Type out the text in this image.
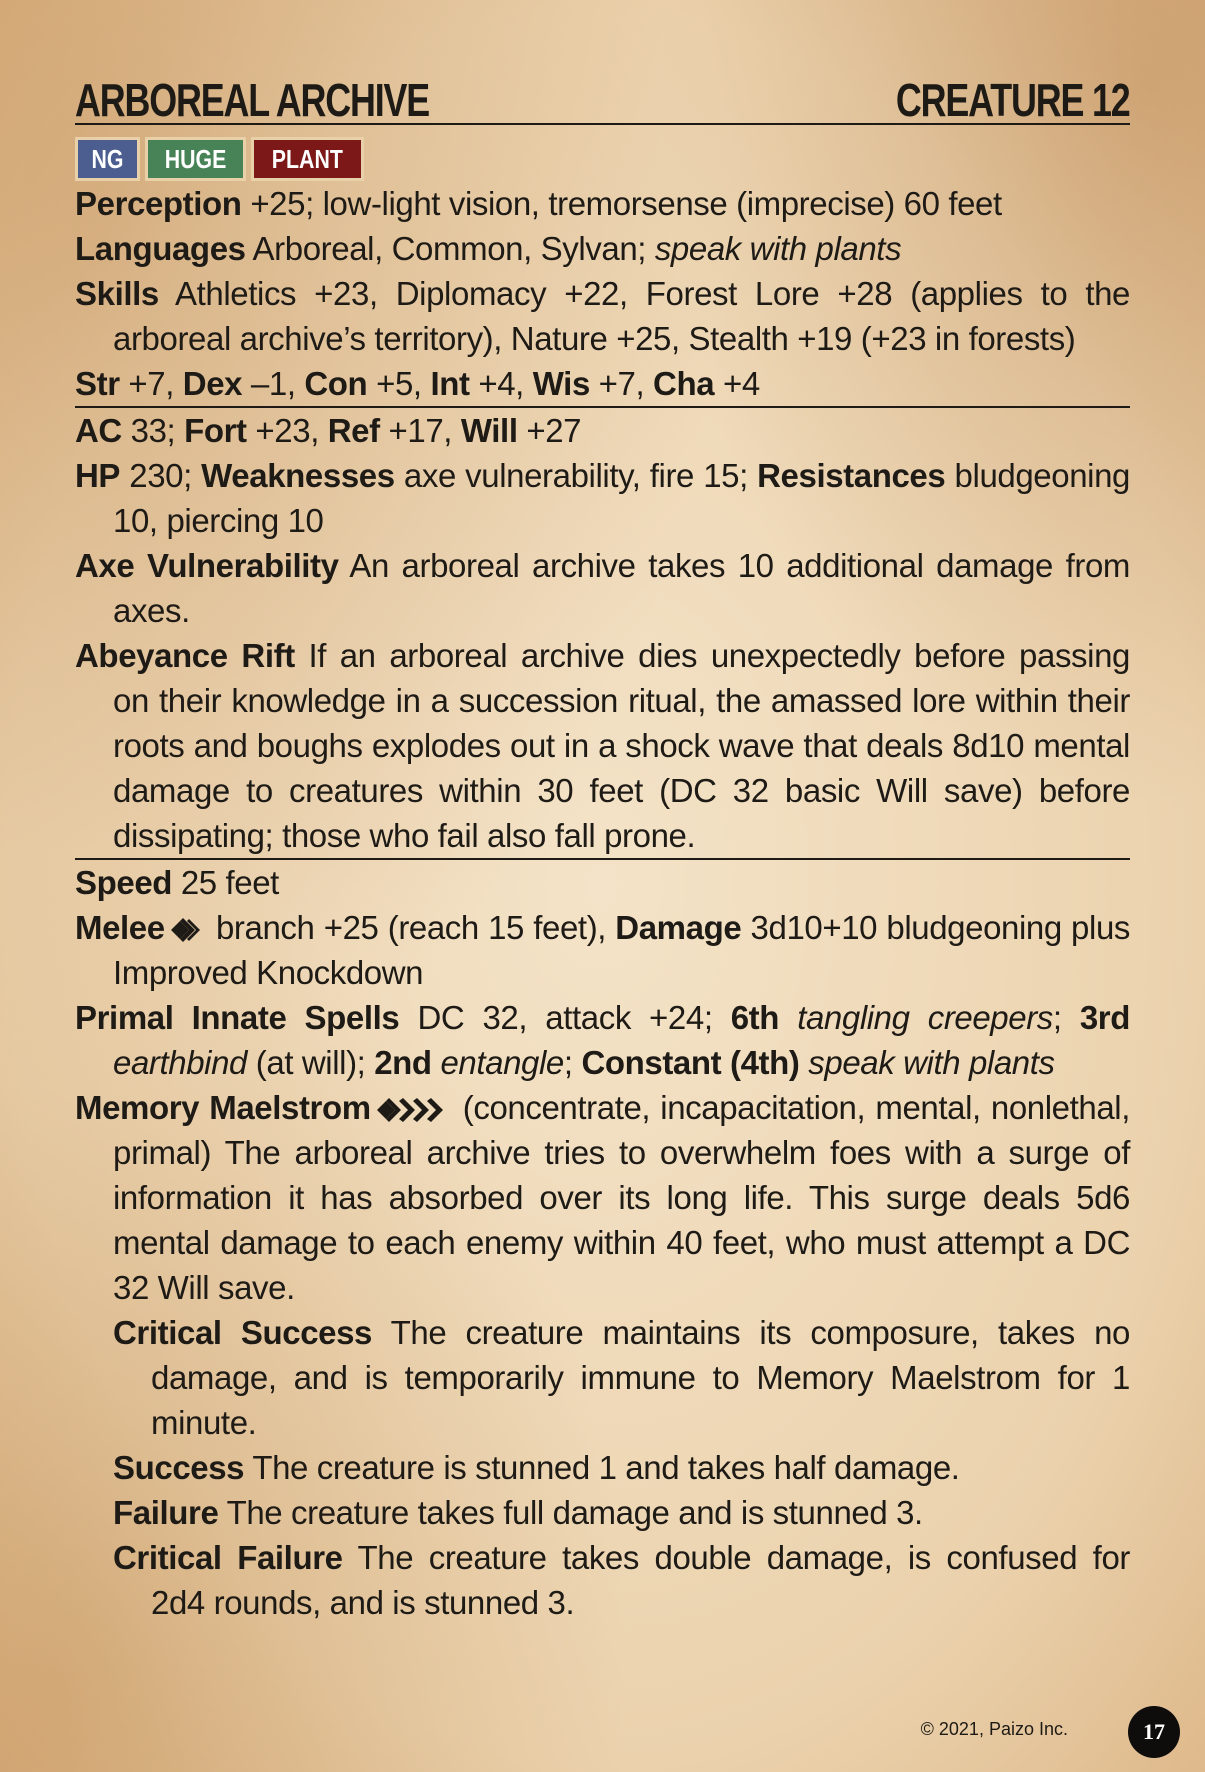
ARBOREAL ARCHIVE	CREATURE 12
NG HUGE PLANT
Perception +25; low-light vision, tremorsense (imprecise) 60 feet
Languages Arboreal, Common, Sylvan; speak with plants
Skills Athletics +23, Diplomacy +22, Forest Lore +28 (applies to the arboreal archive’s territory), Nature +25, Stealth +19 (+23 in forests)
Str +7, Dex –1, Con +5, Int +4, Wis +7, Cha +4
AC 33; Fort +23, Ref +17, Will +27
HP 230; Weaknesses axe vulnerability, fire 15; Resistances bludgeoning 10, piercing 10
Axe Vulnerability An arboreal archive takes 10 additional damage from axes.
Abeyance Rift If an arboreal archive dies unexpectedly before passing on their knowledge in a succession ritual, the amassed lore within their roots and boughs explodes out in a shock wave that deals 8d10 mental damage to creatures within 30 feet (DC 32 basic Will save) before dissipating; those who fail also fall prone.
Speed 25 feet
Melee branch +25 (reach 15 feet), Damage 3d10+10 bludgeoning plus Improved Knockdown
Primal Innate Spells DC 32, attack +24; 6th tangling creepers; 3rd earthbind (at will); 2nd entangle; Constant (4th) speak with plants
Memory Maelstrom (concentrate, incapacitation, mental, nonlethal, primal) The arboreal archive tries to overwhelm foes with a surge of information it has absorbed over its long life. This surge deals 5d6 mental damage to each enemy within 40 feet, who must attempt a DC 32 Will save.
Critical Success The creature maintains its composure, takes no damage, and is temporarily immune to Memory Maelstrom for 1 minute.
Success The creature is stunned 1 and takes half damage.
Failure The creature takes full damage and is stunned 3.
Critical Failure The creature takes double damage, is confused for 2d4 rounds, and is stunned 3.
© 2021, Paizo Inc.	17
